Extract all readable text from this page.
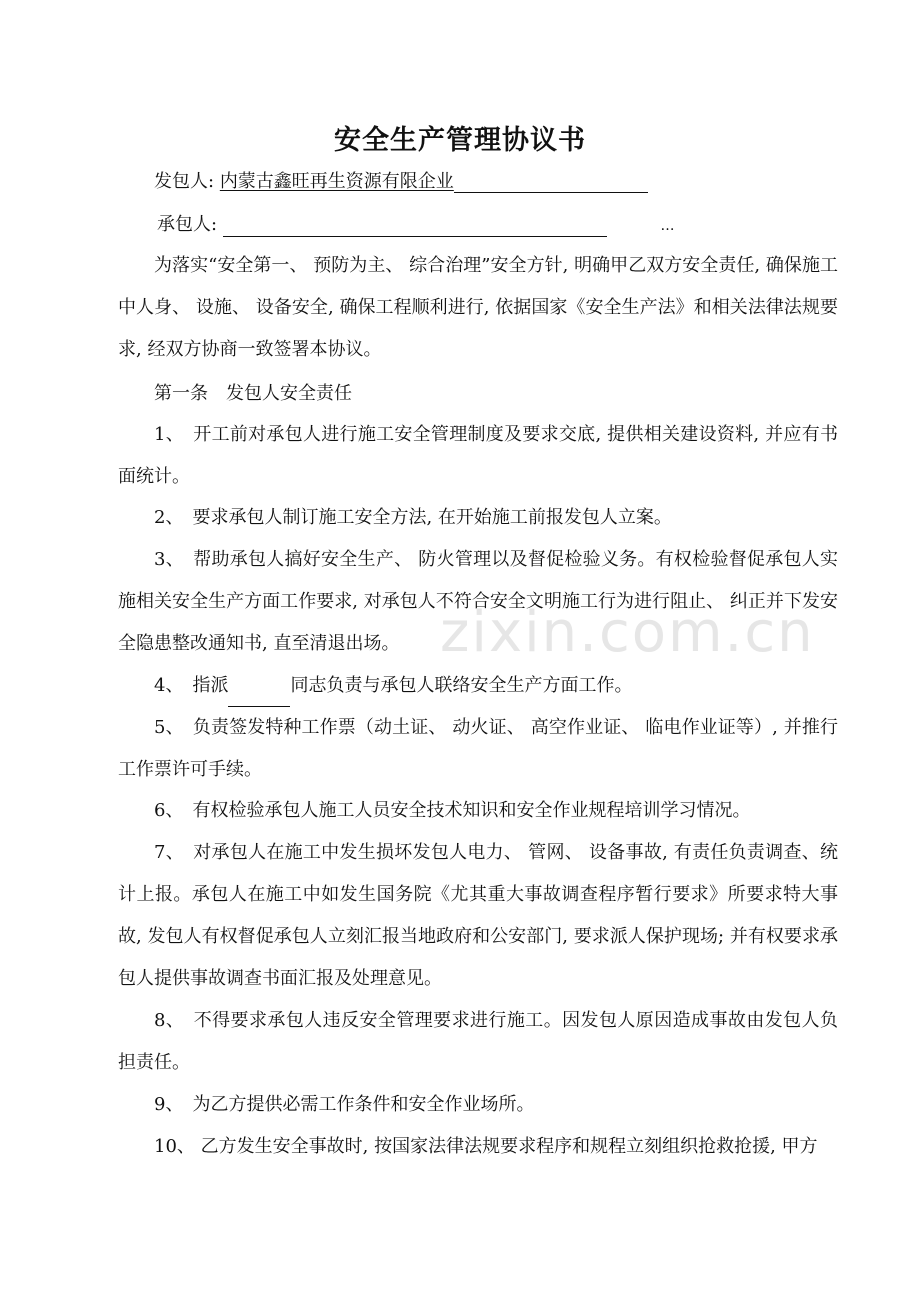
zixin.com.cn
安全生产管理协议书
发包人: 内蒙古鑫旺再生资源有限企业
承包人:	…
为落实“安全第一、 预防为主、 综合治理”安全方针, 明确甲乙双方安全责任, 确保施工中人身、 设施、 设备安全, 确保工程顺利进行, 依据国家《安全生产法》和相关法律法规要求, 经双方协商一致签署本协议。
第一条　发包人安全责任
1、　开工前对承包人进行施工安全管理制度及要求交底, 提供相关建设资料, 并应有书面统计。
2、　要求承包人制订施工安全方法, 在开始施工前报发包人立案。
3、　帮助承包人搞好安全生产、 防火管理以及督促检验义务。有权检验督促承包人实施相关安全生产方面工作要求, 对承包人不符合安全文明施工行为进行阻止、 纠正并下发安全隐患整改通知书, 直至清退出场。
4、　指派	同志负责与承包人联络安全生产方面工作。
5、　负责签发特种工作票（动土证、 动火证、 高空作业证、 临电作业证等）, 并推行工作票许可手续。
6、　有权检验承包人施工人员安全技术知识和安全作业规程培训学习情况。
7、　对承包人在施工中发生损坏发包人电力、 管网、 设备事故, 有责任负责调查、统计上报。承包人在施工中如发生国务院《尤其重大事故调查程序暂行要求》所要求特大事故, 发包人有权督促承包人立刻汇报当地政府和公安部门, 要求派人保护现场; 并有权要求承包人提供事故调查书面汇报及处理意见。
8、　不得要求承包人违反安全管理要求进行施工。因发包人原因造成事故由发包人负担责任。
9、　为乙方提供必需工作条件和安全作业场所。
10、 乙方发生安全事故时, 按国家法律法规要求程序和规程立刻组织抢救抢援, 甲方
